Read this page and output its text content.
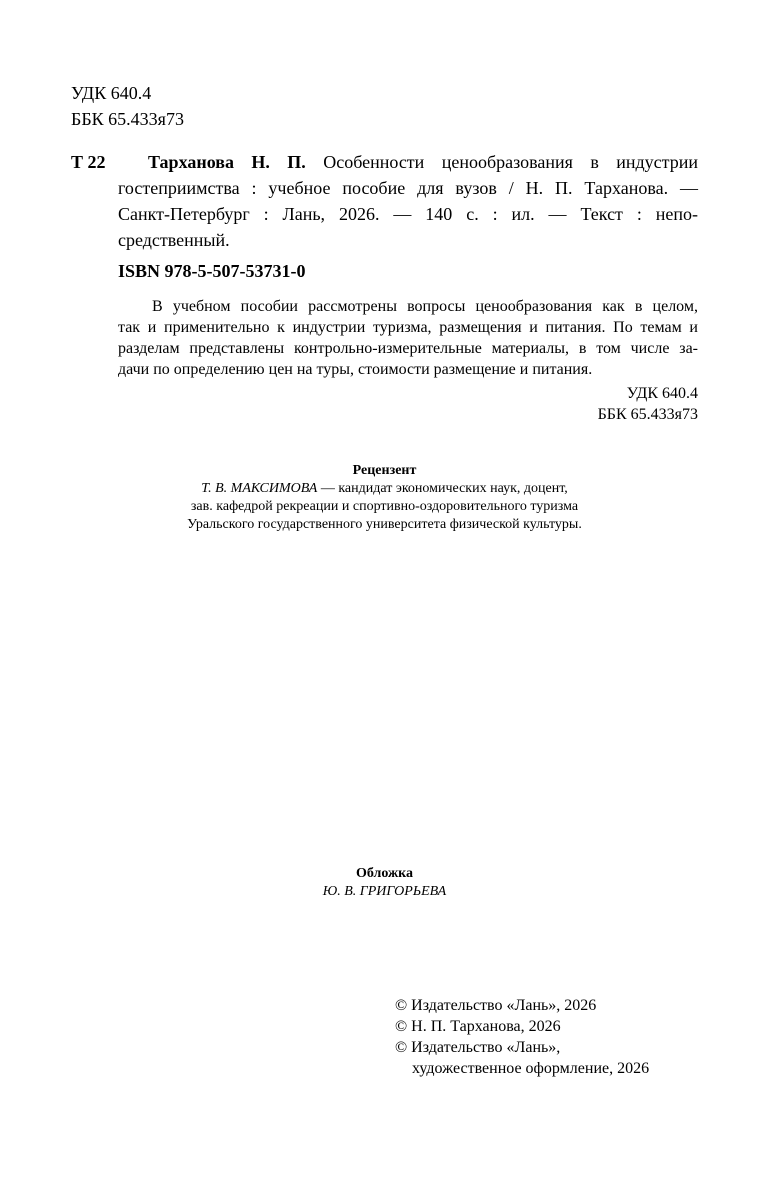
УДК 640.4
ББК 65.433я73
Т 22 Тарханова Н. П. Особенности ценообразования в индустрии
гостеприимства : учебное пособие для вузов / Н. П. Тарханова. —
Санкт-Петербург : Лань, 2026. — 140 с. : ил. — Текст : непо-
средственный.
ISBN 978-5-507-53731-0
В учебном пособии рассмотрены вопросы ценообразования как в целом,
так и применительно к индустрии туризма, размещения и питания. По темам и
разделам представлены контрольно-измерительные материалы, в том числе за-
дачи по определению цен на туры, стоимости размещение и питания.
УДК 640.4
ББК 65.433я73
Рецензент
Т. В. МАКСИМОВА — кандидат экономических наук, доцент,
зав. кафедрой рекреации и спортивно-оздоровительного туризма
Уральского государственного университета физической культуры.
Обложка
Ю. В. ГРИГОРЬЕВА
© Издательство «Лань», 2026
© Н. П. Тарханова, 2026
© Издательство «Лань»,
художественное оформление, 2026
